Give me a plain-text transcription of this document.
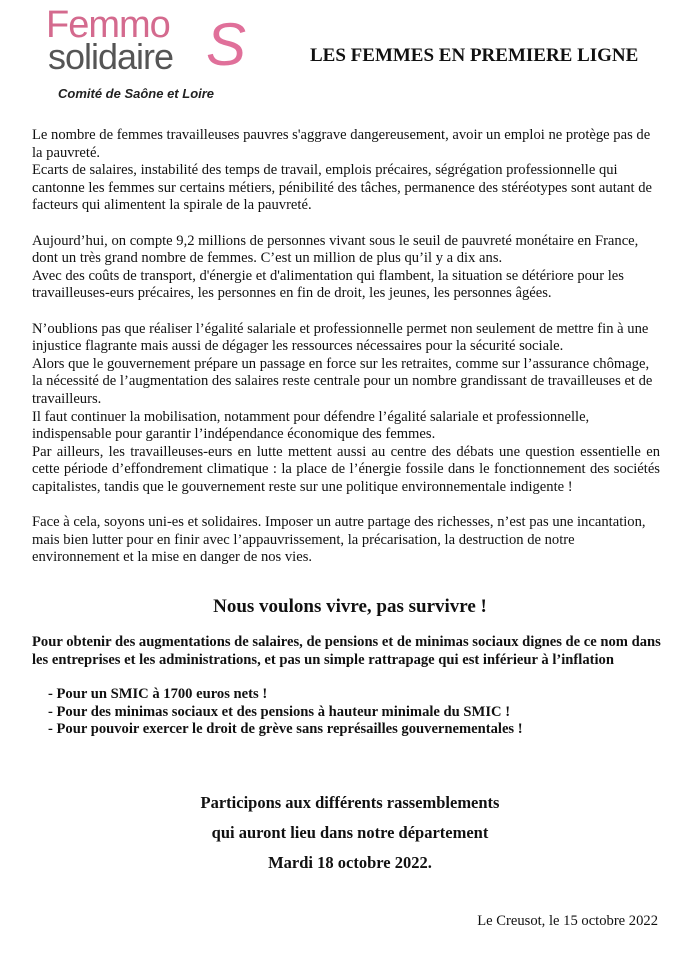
Femmo
solidaire S
Comité de Saône et Loire
LES FEMMES EN PREMIERE LIGNE

Le nombre de femmes travailleuses pauvres s'aggrave dangereusement, avoir un emploi ne protège pas de la pauvreté.

Ecarts de salaires, instabilité des temps de travail, emplois précaires, ségrégation professionnelle qui cantonne les femmes sur certains métiers, pénibilité des tâches, permanence des stéréotypes sont autant de facteurs qui alimentent la spirale de la pauvreté.

Aujourd’hui, on compte 9,2 millions de personnes vivant sous le seuil de pauvreté monétaire en France, dont un très grand nombre de femmes. C’est un million de plus qu’il y a dix ans.

Avec des coûts de transport, d'énergie et d'alimentation qui flambent, la situation se détériore pour les travailleuses-eurs précaires, les personnes en fin de droit, les jeunes, les personnes âgées.

N’oublions pas que réaliser l’égalité salariale et professionnelle permet non seulement de mettre fin à une injustice flagrante mais aussi de dégager les ressources nécessaires pour la sécurité sociale.

Alors que le gouvernement prépare un passage en force sur les retraites, comme sur l’assurance chômage, la nécessité de l’augmentation des salaires reste centrale pour un nombre grandissant de travailleuses et de travailleurs.

Il faut continuer la mobilisation, notamment pour défendre l’égalité salariale et professionnelle, indispensable pour garantir l’indépendance économique des femmes.

Par ailleurs, les travailleuses-eurs en lutte mettent aussi au centre des débats une question essentielle en cette période d’effondrement climatique : la place de l’énergie fossile dans le fonctionnement des sociétés capitalistes, tandis que le gouvernement reste sur une politique environnementale indigente !

Face à cela, soyons uni-es et solidaires. Imposer un autre partage des richesses, n’est pas une incantation, mais bien lutter pour en finir avec l’appauvrissement, la précarisation, la destruction de notre environnement et la mise en danger de nos vies.

Nous voulons vivre, pas survivre !
Pour obtenir des augmentations de salaires, de pensions et de minimas sociaux dignes de ce nom dans les entreprises et les administrations, et pas un simple rattrapage qui est inférieur à l’inflation
- Pour un SMIC à 1700 euros nets !
- Pour des minimas sociaux et des pensions à hauteur minimale du SMIC !
- Pour pouvoir exercer le droit de grève sans représailles gouvernementales !
Participons aux différents rassemblements
qui auront lieu dans notre département
Mardi 18 octobre 2022.
Le Creusot, le 15 octobre 2022
